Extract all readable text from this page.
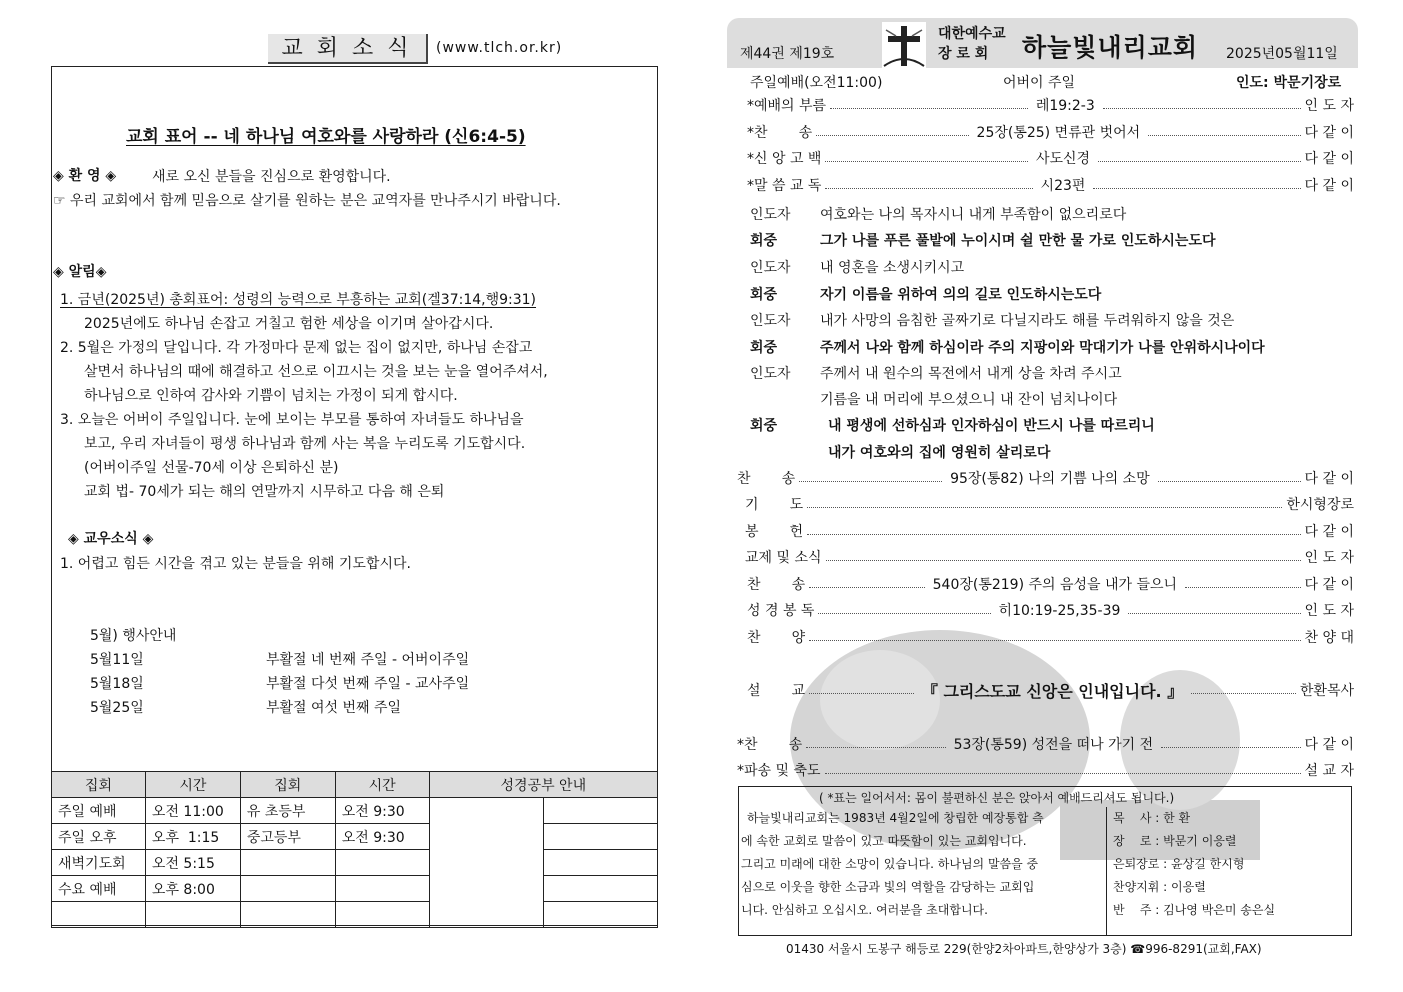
교회소식 (www.tlch.or.kr)
교회 표어 -- 네 하나님 여호와를 사랑하라 (신6:4-5)
◈ 환 영 ◈	새로 오신 분들을 진심으로 환영합니다.
☞ 우리 교회에서 함께 믿음으로 살기를 원하는 분은 교역자를 만나주시기 바랍니다.
◈ 알림◈
1. 금년(2025년) 총회표어: 성령의 능력으로 부흥하는 교회(겔37:14,행9:31)
2025년에도 하나님 손잡고 거칠고 험한 세상을 이기며 살아갑시다.
2. 5월은 가정의 달입니다. 각 가정마다 문제 없는 집이 없지만, 하나님 손잡고
살면서 하나님의 때에 해결하고 선으로 이끄시는 것을 보는 눈을 열어주셔서,
하나님으로 인하여 감사와 기쁨이 넘치는 가정이 되게 합시다.
3. 오늘은 어버이 주일입니다. 눈에 보이는 부모를 통하여 자녀들도 하나님을
보고, 우리 자녀들이 평생 하나님과 함께 사는 복을 누리도록 기도합시다.
(어버이주일 선물-70세 이상 은퇴하신 분)
교회 법- 70세가 되는 해의 연말까지 시무하고 다음 해 은퇴
◈ 교우소식 ◈
1. 어렵고 힘든 시간을 겪고 있는 분들을 위해 기도합시다.
5월) 행사안내
5월11일	부활절 네 번째 주일 - 어버이주일
5월18일	부활절 다섯 번째 주일 - 교사주일
5월25일	부활절 여섯 번째 주일
집회	시간	집회	시간	성경공부 안내	
주일 예배	오전 11:00	유 초등부	오전 9:30		
주일 오후	오후  1:15	중고등부	오전 9:30		
새벽기도회	오전 5:15				
수요 예배	오후 8:00				

제44권 제19호
대한예수교
장 로 회	하늘빛내리교회 2025년05월11일
주일예배(오전11:00)	어버이 주일	인도: 박문기장로
*예배의 부름	레19:2-3	인 도 자
*찬       송	25장(통25) 면류관 벗어서	다 같 이
*신 앙 고 백	사도신경	다 같 이
*말 씀 교 독	시23편	다 같 이
인도자 여호와는 나의 목자시니 내게 부족함이 없으리로다
회중	그가 나를 푸른 풀밭에 누이시며 쉴 만한 물 가로 인도하시는도다
인도자 내 영혼을 소생시키시고
회중	자기 이름을 위하여 의의 길로 인도하시는도다
인도자 내가 사망의 음침한 골짜기로 다닐지라도 해를 두려워하지 않을 것은
회중	주께서 나와 함께 하심이라 주의 지팡이와 막대기가 나를 안위하시나이다
인도자 주께서 내 원수의 목전에서 내게 상을 차려 주시고
기름을 내 머리에 부으셨으니 내 잔이 넘치나이다
회중	내 평생에 선하심과 인자하심이 반드시 나를 따르리니
내가 여호와의 집에 영원히 살리로다
찬       송	95장(통82) 나의 기쁨 나의 소망	다 같 이
기       도	한시형장로
봉       헌	다 같 이
교제 및 소식	인 도 자
찬       송	540장(통219) 주의 음성을 내가 들으니	다 같 이
성 경 봉 독	히10:19-25,35-39	인 도 자
찬       양	찬 양 대
설       교	『 그리스도교 신앙은 인내입니다. 』	한환목사
*찬       송	53장(통59) 성전을 떠나 가기 전	다 같 이
*파송 및 축도	설 교 자
( *표는 일어서서: 몸이 불편하신 분은 앉아서 예배드리셔도 됩니다.)
하늘빛내리교회는 1983년 4월2일에 창립한 예장통합 측
에 속한 교회로 말씀이 있고 따뜻함이 있는 교회입니다.
그리고 미래에 대한 소망이 있습니다. 하나님의 말씀을 중
심으로 이웃을 향한 소금과 빛의 역할을 감당하는 교회입
니다. 안심하고 오십시오. 여러분을 초대합니다.
목    사 : 한 환
장    로 : 박문기 이응렬
은퇴장로 : 윤상길 한시형
찬양지휘 : 이응렬
반    주 : 김나영 박은미 송은실
01430 서울시 도봉구 해등로 229(한양2차아파트,한양상가 3층) ☎996-8291(교회,FAX)
